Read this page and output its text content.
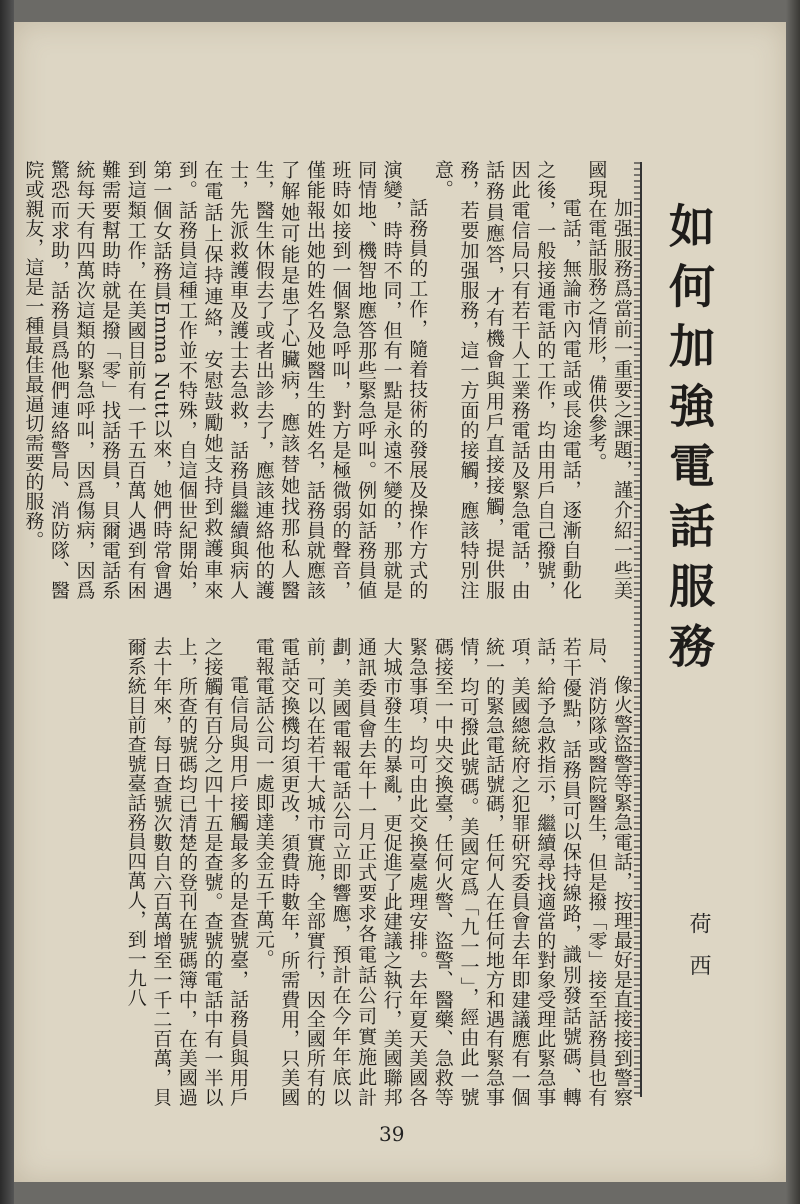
加强服務爲當前一重要之課題，謹介紹一些美國現在電話服務之情形，備供參考。

電話，無論市內電話或長途電話，逐漸自動化之後，一般接通電話的工作，均由用戶自己撥號，因此電信局只有若干人工業務電話及緊急電話，由話務員應答，才有機會與用戶直接接觸，提供服務，若要加强服務，這一方面的接觸，應該特別注意。

話務員的工作，隨着技術的發展及操作方式的演變，時時不同，但有一點是永遠不變的，那就是同情地、機智地應答那些緊急呼叫。例如話務員値班時如接到一個緊急呼叫，對方是極微弱的聲音，僅能報出她的姓名及她醫生的姓名，話務員就應該了解她可能是患了心臟病，應該替她找那私人醫生，醫生休假去了或者出診去了，應該連絡他的護士，先派救護車及護士去急救，話務員繼續與病人在電話上保持連絡，安慰鼓勵她支持到救護車來到。話務員這種工作並不特殊，自這個世紀開始，第一個女話務員Emma Nutt以來，她們時常會遇到這類工作，在美國目前有一千五百萬人遇到有困難需要幫助時就是撥「零」找話務員，貝爾電話系統每天有四萬次這類的緊急呼叫，因爲傷病，因爲驚恐而求助，話務員爲他們連絡警局、消防隊、醫院或親友，這是一種最佳最逼切需要的服務。

像火警盜警等緊急電話，按理最好是直接接到警察局、消防隊或醫院醫生，但是撥「零」接至話務員也有若干優點，話務員可以保持線路，識別發話號碼、轉話，給予急救指示，繼續尋找適當的對象受理此緊急事項，美國總統府之犯罪研究委員會去年即建議應有一個統一的緊急電話號碼，任何人在任何地方和遇有緊急事情，均可撥此號碼。美國定爲「九一一」，經由此一號碼接至一中央交換臺，任何火警、盜警、醫藥、急救等緊急事項，均可由此交換臺處理安排。去年夏天美國各大城市發生的暴亂，更促進了此建議之執行，美國聯邦通訊委員會去年十一月正式要求各電話公司實施此計劃，美國電報電話公司立即響應，預計在今年年底以前，可以在若干大城市實施，全部實行，因全國所有的電話交換機均須更改，須費時數年，所需費用，只美國電報電話公司一處即達美金五千萬元。

電信局與用戶接觸最多的是查號臺，話務員與用戶之接觸有百分之四十五是查號。查號的電話中有一半以上，所查的號碼均已清楚的登刊在號碼簿中，在美國過去十年來，每日查號次數自六百萬增至一千二百萬，貝爾系統目前查號臺話務員四萬人，到一九八

如何加強電話服務
荷西
39
